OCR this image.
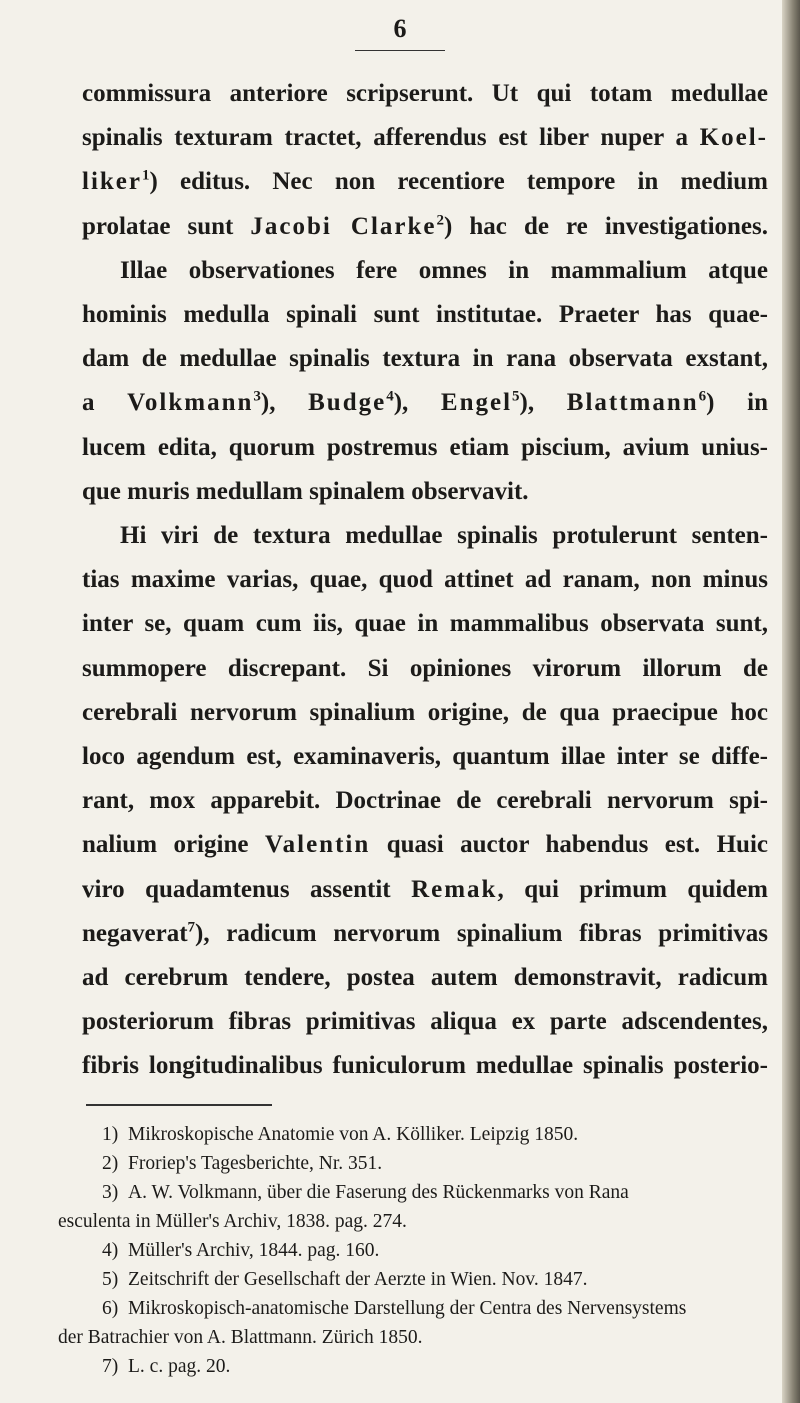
6
commissura anteriore scripserunt. Ut qui totam medullae
spinalis texturam tractet, afferendus est liber nuper a Koel-
liker$^1$) editus. Nec non recentiore tempore in medium
prolatae sunt Jacobi Clarke$^2$) hac de re investigationes.
Illae observationes fere omnes in mammalium atque
hominis medulla spinali sunt institutae. Praeter has quae-
dam de medullae spinalis textura in rana observata exstant,
a Volkmann$^3$), Budge$^4$), Engel$^5$), Blattmann$^6$) in
lucem edita, quorum postremus etiam piscium, avium unius-
que muris medullam spinalem observavit.
Hi viri de textura medullae spinalis protulerunt senten-
tias maxime varias, quae, quod attinet ad ranam, non minus
inter se, quam cum iis, quae in mammalibus observata sunt,
summopere discrepant. Si opiniones virorum illorum de
cerebrali nervorum spinalium origine, de qua praecipue hoc
loco agendum est, examinaveris, quantum illae inter se diffe-
rant, mox apparebit. Doctrinae de cerebrali nervorum spi-
nalium origine Valentin quasi auctor habendus est. Huic
viro quadamtenus assentit Remak, qui primum quidem
negaverat$^7$), radicum nervorum spinalium fibras primitivas
ad cerebrum tendere, postea autem demonstravit, radicum
posteriorum fibras primitivas aliqua ex parte adscendentes,
fibris longitudinalibus funiculorum medullae spinalis posterio-
1) Mikroskopische Anatomie von A. Kölliker. Leipzig 1850.
2) Froriep's Tagesberichte, Nr. 351.
3) A. W. Volkmann, über die Faserung des Rückenmarks von Rana
esculenta in Müller's Archiv, 1838. pag. 274.
4) Müller's Archiv, 1844. pag. 160.
5) Zeitschrift der Gesellschaft der Aerzte in Wien. Nov. 1847.
6) Mikroskopisch-anatomische Darstellung der Centra des Nervensystems
der Batrachier von A. Blattmann. Zürich 1850.
7) L. c. pag. 20.
